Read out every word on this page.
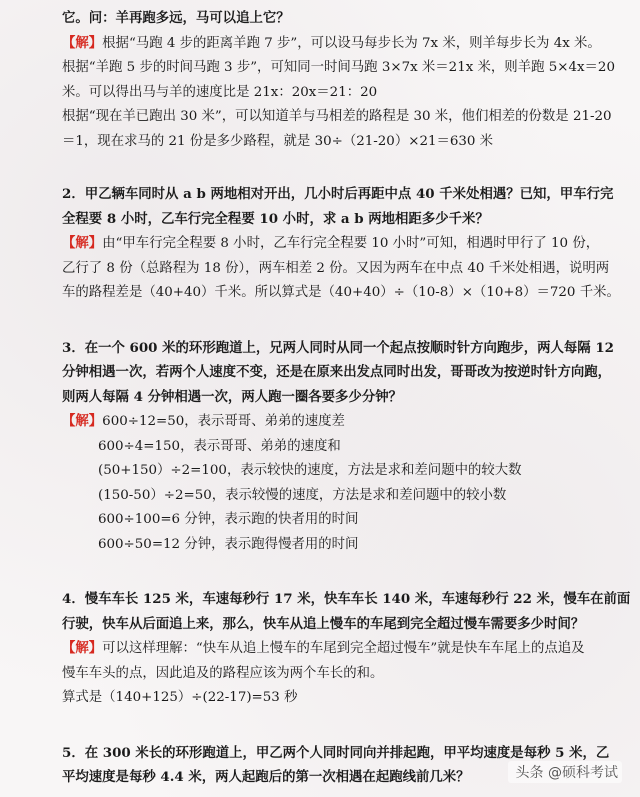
它。问：羊再跑多远，马可以追上它？
【解】根据“马跑 4 步的距离羊跑 7 步”，可以设马每步长为 7x 米，则羊每步长为 4x 米。
根据“羊跑 5 步的时间马跑 3 步”，可知同一时间马跑 3×7x 米＝21x 米，则羊跑 5×4x＝20
米。可以得出马与羊的速度比是 21x：20x＝21：20
根据“现在羊已跑出 30 米”，可以知道羊与马相差的路程是 30 米，他们相差的份数是 21-20
＝1，现在求马的 21 份是多少路程，就是 30÷（21-20）×21＝630 米
2．甲乙辆车同时从 a b 两地相对开出，几小时后再距中点 40 千米处相遇？已知，甲车行完
全程要 8 小时，乙车行完全程要 10 小时，求 a b 两地相距多少千米？
【解】由“甲车行完全程要 8 小时，乙车行完全程要 10 小时”可知，相遇时甲行了 10 份，
乙行了 8 份（总路程为 18 份），两车相差 2 份。又因为两车在中点 40 千米处相遇，说明两
车的路程差是（40+40）千米。所以算式是（40+40）÷（10-8）×（10+8）＝720 千米。
3．在一个 600 米的环形跑道上，兄两人同时从同一个起点按顺时针方向跑步，两人每隔 12
分钟相遇一次，若两个人速度不变，还是在原来出发点同时出发，哥哥改为按逆时针方向跑，
则两人每隔 4 分钟相遇一次，两人跑一圈各要多少分钟？
【解】600÷12=50，表示哥哥、弟弟的速度差
600÷4=150，表示哥哥、弟弟的速度和
(50+150）÷2=100，表示较快的速度，方法是求和差问题中的较大数
(150-50）÷2=50，表示较慢的速度，方法是求和差问题中的较小数
600÷100=6 分钟，表示跑的快者用的时间
600÷50=12 分钟，表示跑得慢者用的时间
4．慢车车长 125 米，车速每秒行 17 米，快车车长 140 米，车速每秒行 22 米，慢车在前面
行驶，快车从后面追上来，那么，快车从追上慢车的车尾到完全超过慢车需要多少时间？
【解】可以这样理解：“快车从追上慢车的车尾到完全超过慢车”就是快车车尾上的点追及
慢车车头的点，因此追及的路程应该为两个车长的和。
算式是（140+125）÷(22-17)=53 秒
5．在 300 米长的环形跑道上，甲乙两个人同时同向并排起跑，甲平均速度是每秒 5 米，乙
平均速度是每秒 4.4 米，两人起跑后的第一次相遇在起跑线前几米？	头条 @硕科考试
